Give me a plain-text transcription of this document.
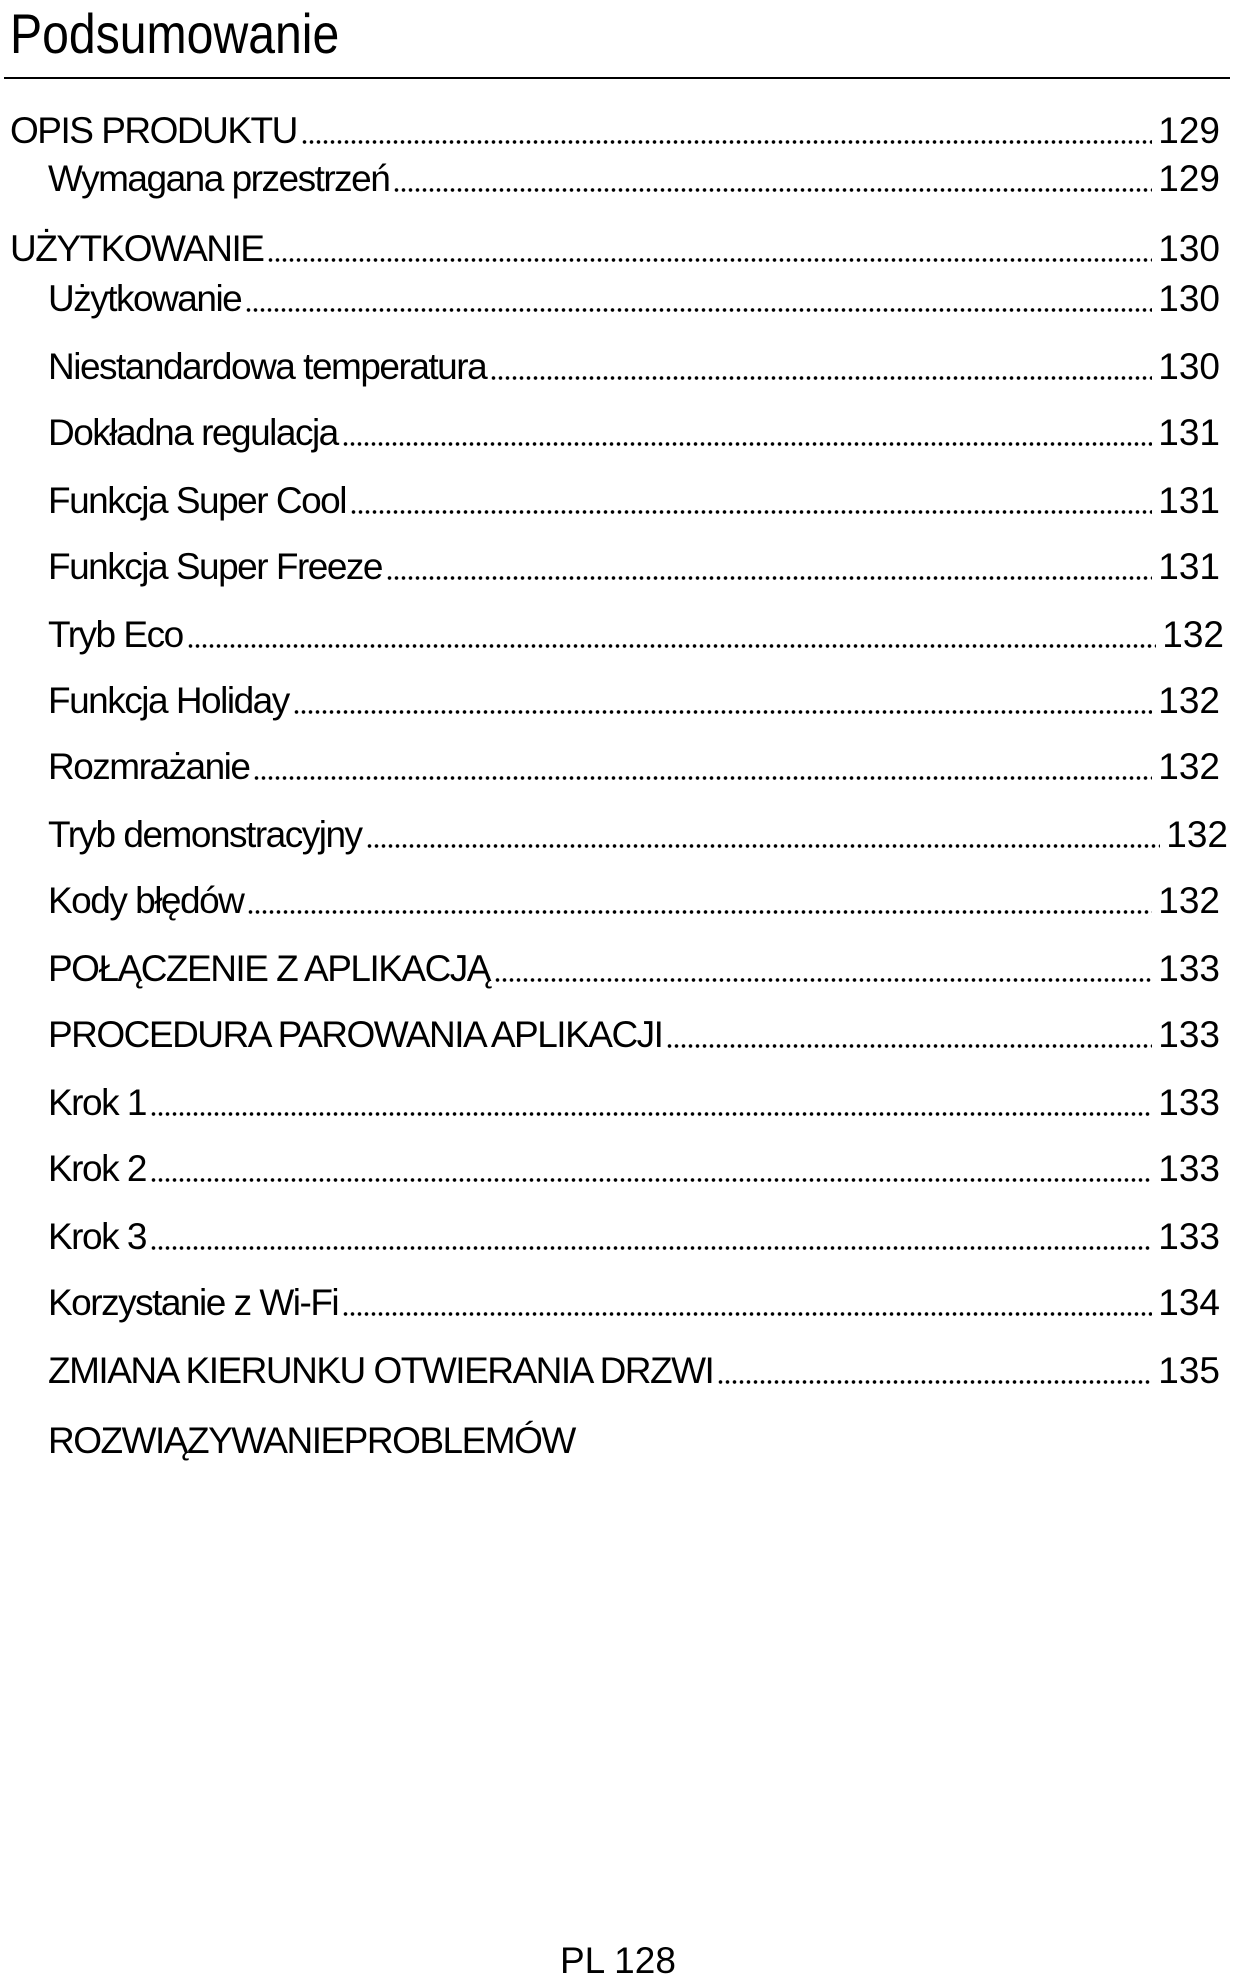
Podsumowanie
OPIS PRODUKTU	129
Wymagana przestrzeń	129
UŻYTKOWANIE	130
Użytkowanie	130
Niestandardowa temperatura	130
Dokładna regulacja	131
Funkcja Super Cool	131
Funkcja Super Freeze	131
Tryb Eco	132
Funkcja Holiday	132
Rozmrażanie	132
Tryb demonstracyjny	132
Kody błędów	132
POŁĄCZENIE Z APLIKACJĄ	133
PROCEDURA PAROWANIA APLIKACJI	133
Krok 1	133
Krok 2	133
Krok 3	133
Korzystanie z Wi-Fi	134
ZMIANA KIERUNKU OTWIERANIA DRZWI	135
ROZWIĄZYWANIEPROBLEMÓW
PL 128
